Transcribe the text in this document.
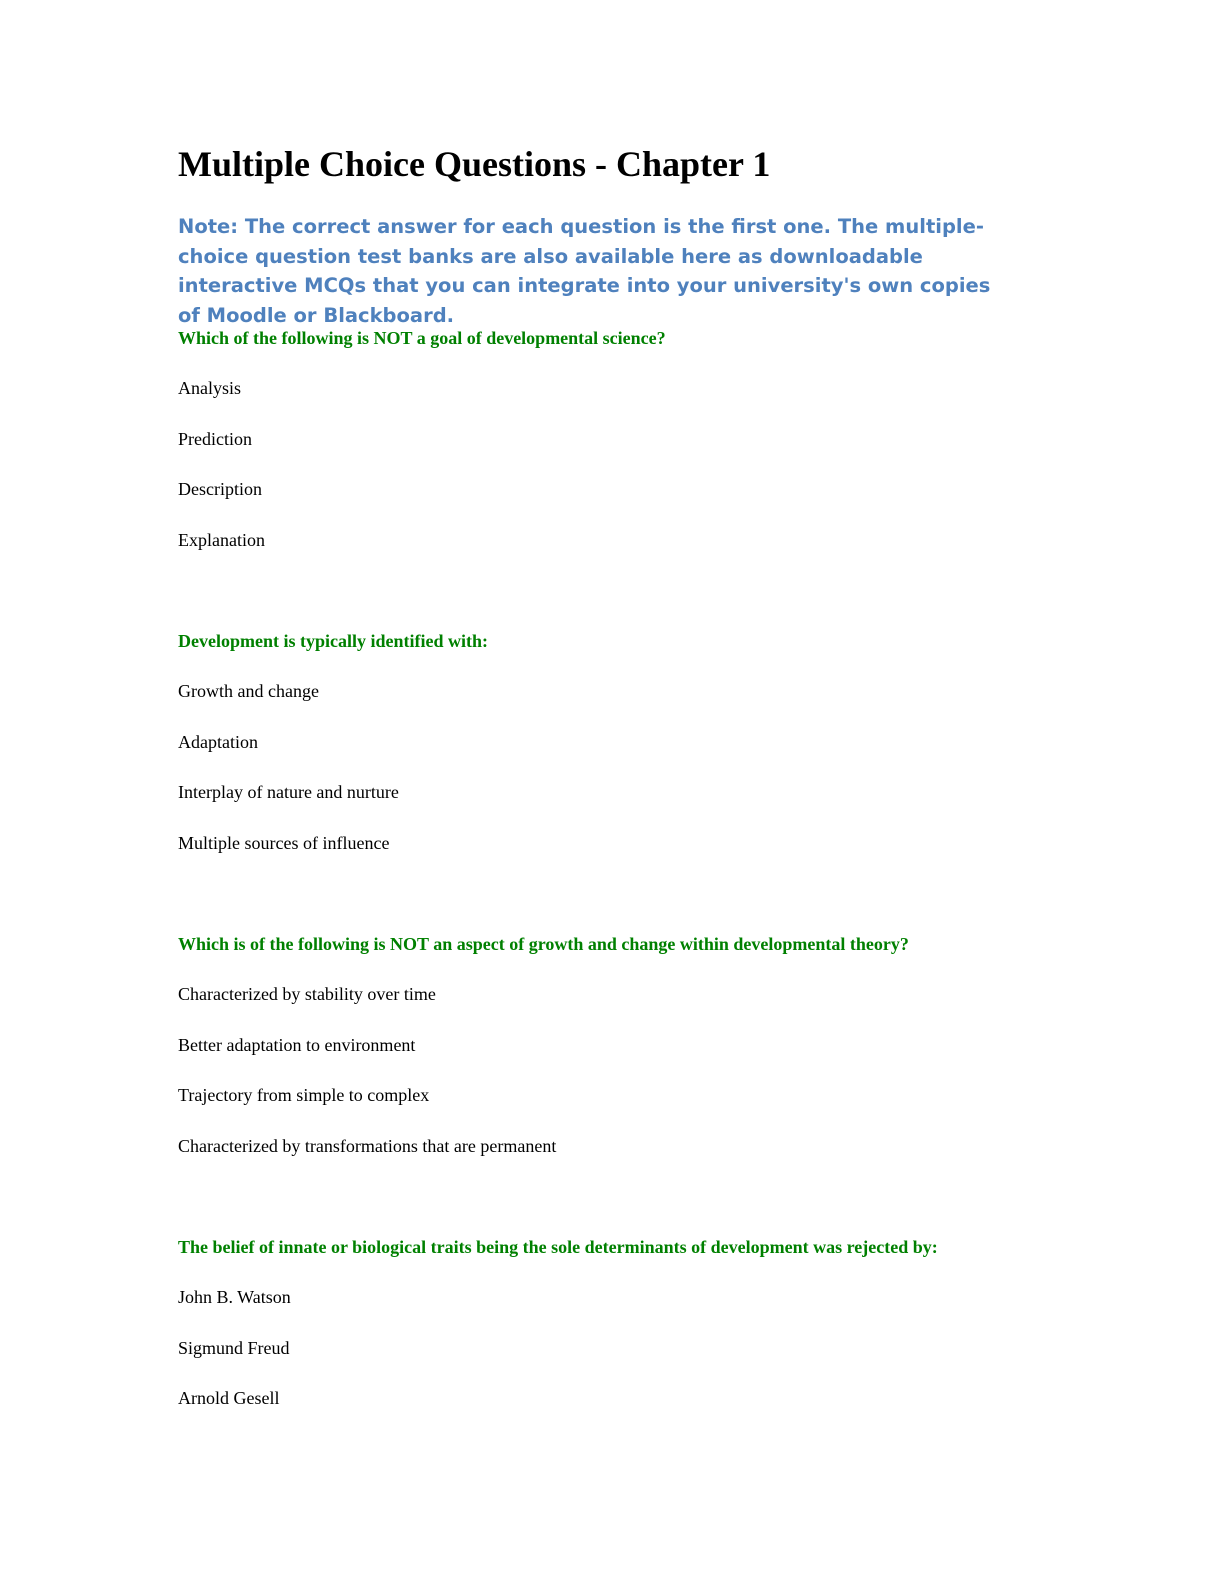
Multiple Choice Questions - Chapter 1
Note: The correct answer for each question is the first one. The multiple-choice question test banks are also available here as downloadable interactive MCQs that you can integrate into your university's own copies of Moodle or Blackboard.
Which of the following is NOT a goal of developmental science?
Analysis
Prediction
Description
Explanation
Development is typically identified with:
Growth and change
Adaptation
Interplay of nature and nurture
Multiple sources of influence
Which is of the following is NOT an aspect of growth and change within developmental theory?
Characterized by stability over time
Better adaptation to environment
Trajectory from simple to complex
Characterized by transformations that are permanent
The belief of innate or biological traits being the sole determinants of development was rejected by:
John B. Watson
Sigmund Freud
Arnold Gesell
